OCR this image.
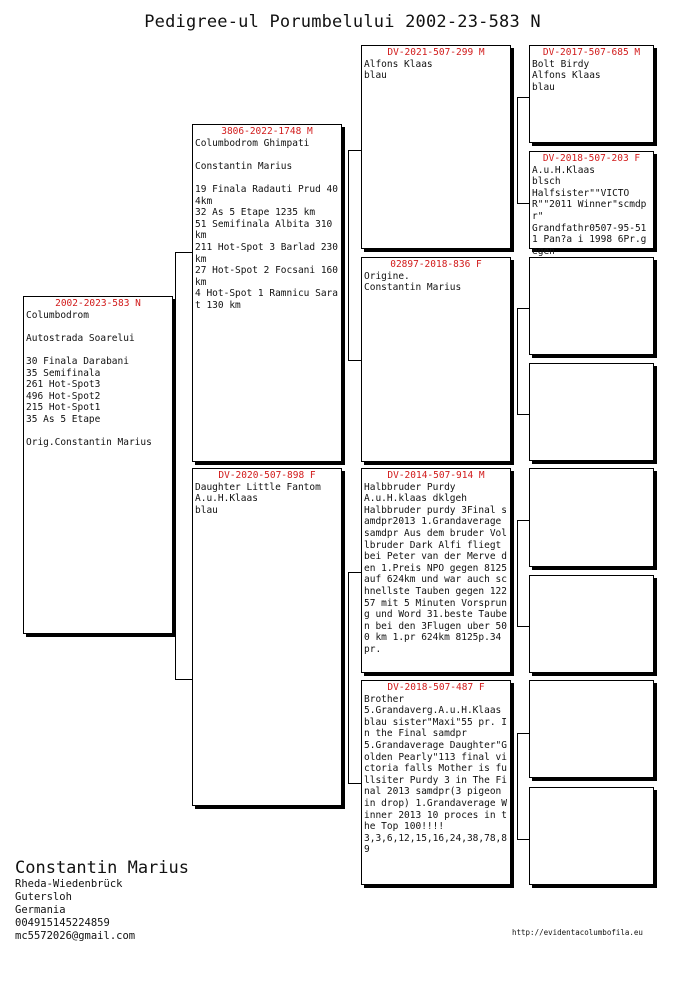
Pedigree-ul Porumbelului 2002-23-583 N
2002-2023-583 N
Columbodrom

Autostrada Soarelui

30 Finala Darabani
35 Semifinala
261 Hot-Spot3
496 Hot-Spot2
215 Hot-Spot1
35 As 5 Etape

Orig.Constantin Marius
3806-2022-1748 M
Columbodrom Ghimpati

Constantin Marius

19 Finala Radauti Prud 404km
32 As 5 Etape 1235 km
51 Semifinala Albita 310 km
211 Hot-Spot 3 Barlad 230 km
27 Hot-Spot 2 Focsani 160 km
4 Hot-Spot 1 Ramnicu Sarat 130 km
DV-2020-507-898 F
Daughter Little Fantom
A.u.H.Klaas
blau
DV-2021-507-299 M
Alfons Klaas
blau
02897-2018-836 F
Origine.
Constantin Marius
DV-2014-507-914 M
Halbbruder Purdy
A.u.H.klaas dklgeh
Halbbruder purdy 3Final samdpr2013 1.Grandaverage samdpr Aus dem bruder Vollbruder Dark Alfi fliegt bei Peter van der Merve den 1.Preis NPO gegen 8125 auf 624km und war auch schnellste Tauben gegen 12257 mit 5 Minuten Vorsprung und Word 31.beste Tauben bei den 3Flugen uber 500 km 1.pr 624km 8125p.34 pr.
DV-2018-507-487 F
Brother
5.Grandaverg.A.u.H.Klaas blau sister"Maxi"55 pr. In the Final samdpr
5.Grandaverage Daughter"Golden Pearly"113 final victoria falls Mother is fullsiter Purdy 3 in The Final 2013 samdpr(3 pigeon in drop) 1.Grandaverage Winner 2013 10 proces in the Top 100!!!!
3,3,6,12,15,16,24,38,78,89
DV-2017-507-685 M
Bolt Birdy
Alfons Klaas
blau
DV-2018-507-203 F
A.u.H.Klaas
blsch
Halfsister""VICTOR""2011 Winner"scmdpr"
Grandfathr0507-95-511 Pan?a i 1998 6Pr.gegen
Constantin Marius
Rheda-Wiedenbrück
Gutersloh
Germania
004915145224859
mc5572026@gmail.com	http://evidentacolumbofila.eu
